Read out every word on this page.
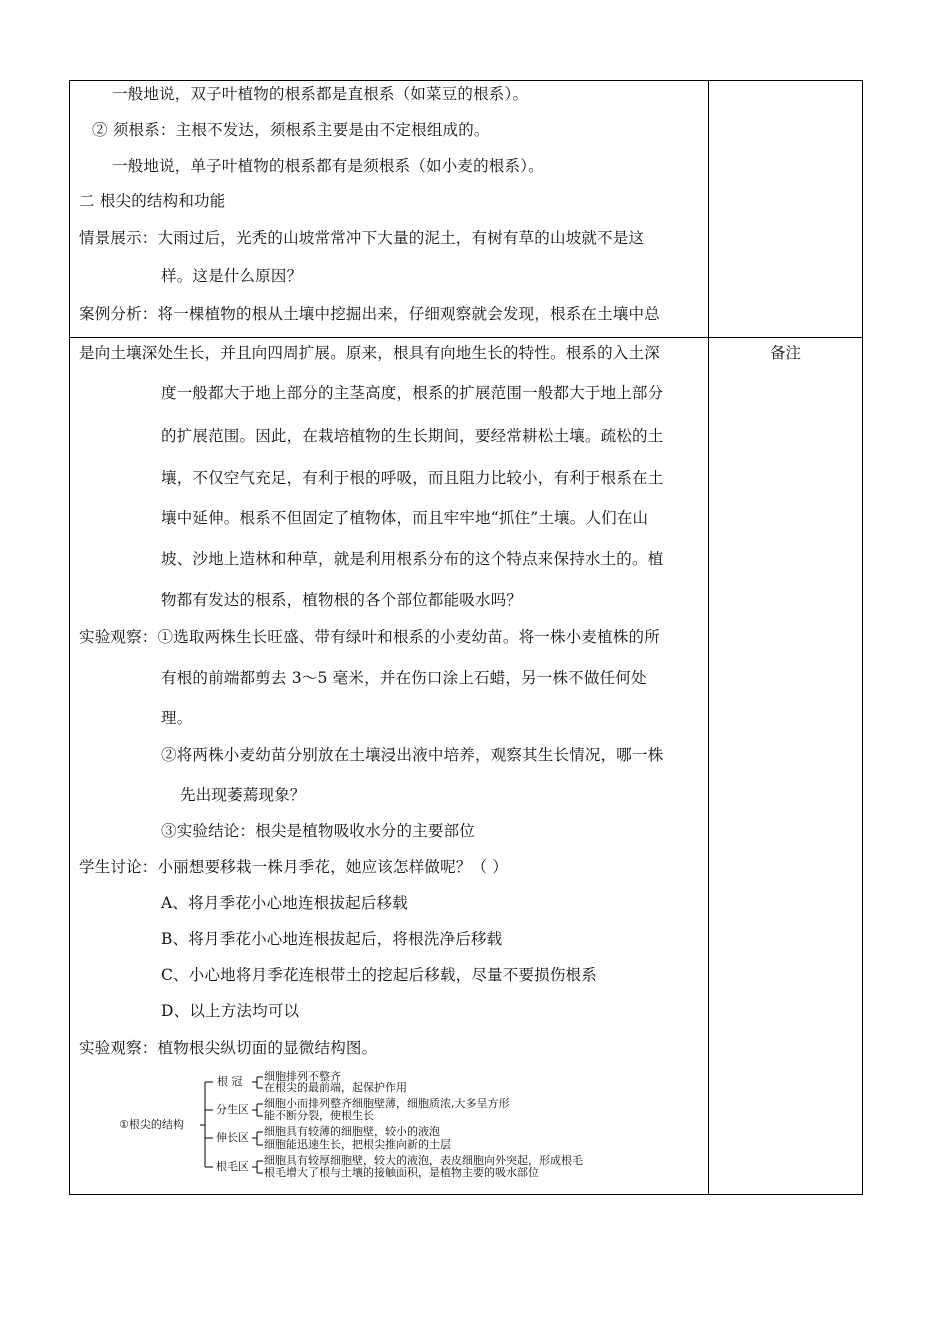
一般地说，双子叶植物的根系都是直根系（如菜豆的根系）。
② 须根系：主根不发达，须根系主要是由不定根组成的。
一般地说，单子叶植物的根系都有是须根系（如小麦的根系）。
二 根尖的结构和功能
情景展示：大雨过后，光秃的山坡常常冲下大量的泥土，有树有草的山坡就不是这
样。这是什么原因？
案例分析：将一棵植物的根从土壤中挖掘出来，仔细观察就会发现，根系在土壤中总
是向土壤深处生长，并且向四周扩展。原来，根具有向地生长的特性。根系的入土深
度一般都大于地上部分的主茎高度，根系的扩展范围一般都大于地上部分
的扩展范围。因此，在栽培植物的生长期间，要经常耕松土壤。疏松的土
壤，不仅空气充足，有利于根的呼吸，而且阻力比较小，有利于根系在土
壤中延伸。根系不但固定了植物体，而且牢牢地“抓住”土壤。人们在山
坡、沙地上造林和种草，就是利用根系分布的这个特点来保持水土的。植
物都有发达的根系，植物根的各个部位都能吸水吗？
实验观察：①选取两株生长旺盛、带有绿叶和根系的小麦幼苗。将一株小麦植株的所
有根的前端都剪去 3～5 毫米，并在伤口涂上石蜡，另一株不做任何处
理。
②将两株小麦幼苗分别放在土壤浸出液中培养，观察其生长情况，哪一株
先出现萎蔫现象？
③实验结论：根尖是植物吸收水分的主要部位
学生讨论：小丽想要移栽一株月季花，她应该怎样做呢？（ ）
A、将月季花小心地连根拔起后移载
B、将月季花小心地连根拔起后，将根洗净后移载
C、小心地将月季花连根带土的挖起后移载，尽量不要损伤根系
D、以上方法均可以
实验观察：植物根尖纵切面的显微结构图。
备注
①根尖的结构
根 冠 细胞排列不整齐
在根尖的最前端，起保护作用
分生区 细胞小而排列整齐细胞壁薄，细胞质浓,大多呈方形
能不断分裂，使根生长
伸长区 细胞具有较薄的细胞壁，较小的液泡
细胞能迅速生长，把根尖推向新的土层
根毛区 细胞具有较厚细胞壁，较大的液泡，表皮细胞向外突起，形成根毛
根毛增大了根与土壤的接触面积，是植物主要的吸水部位
